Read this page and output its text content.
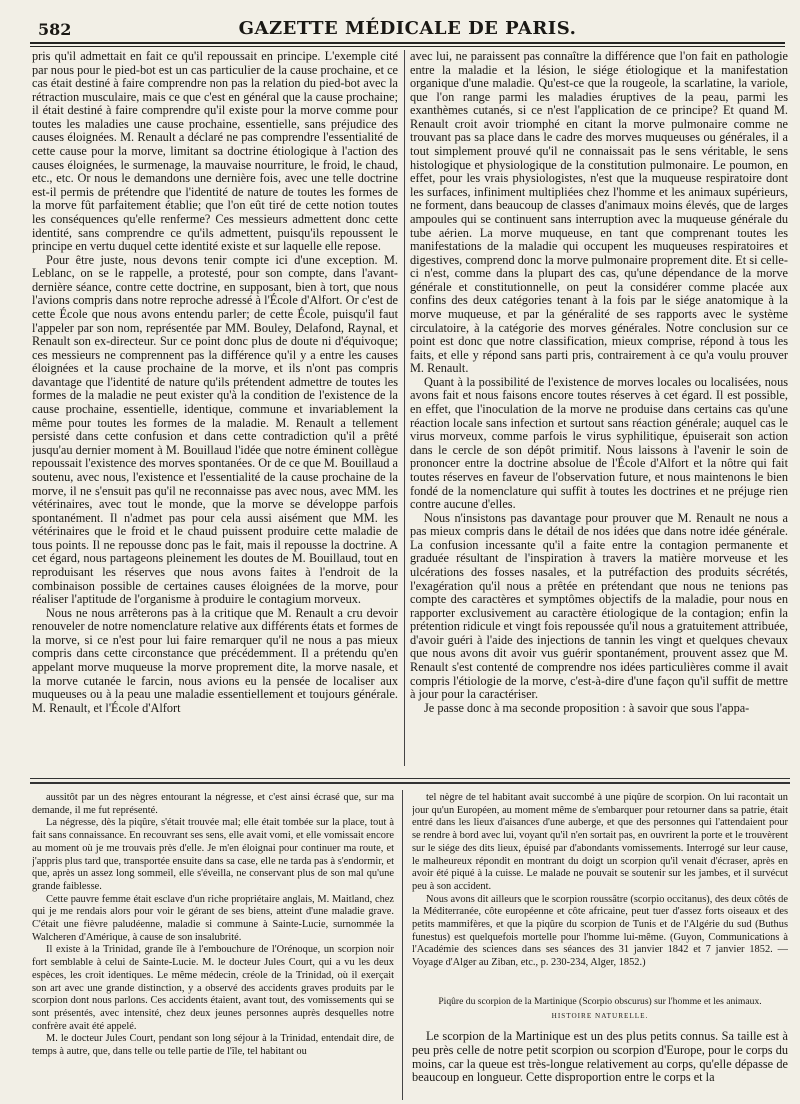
582	GAZETTE MÉDICALE DE PARIS.

pris qu'il admettait en fait ce qu'il repoussait en principe. L'exemple cité par nous pour le pied-bot est un cas particulier de la cause prochaine, et ce cas était destiné à faire comprendre non pas la relation du pied-bot avec la rétraction musculaire, mais ce que c'est en général que la cause prochaine; il était destiné à faire comprendre qu'il existe pour la morve comme pour toutes les maladies une cause prochaine, essentielle, sans préjudice des causes éloignées. M. Renault a déclaré ne pas comprendre l'essentialité de cette cause pour la morve, limitant sa doctrine étiologique à l'action des causes éloignées, le surmenage, la mauvaise nourriture, le froid, le chaud, etc., etc. Or nous le demandons une dernière fois, avec une telle doctrine est-il permis de prétendre que l'identité de nature de toutes les formes de la morve fût parfaitement établie; que l'on eût tiré de cette notion toutes les conséquences qu'elle renferme? Ces messieurs admettent donc cette identité, sans comprendre ce qu'ils admettent, puisqu'ils repoussent le principe en vertu duquel cette identité existe et sur laquelle elle repose.

Pour être juste, nous devons tenir compte ici d'une exception. M. Leblanc, on se le rappelle, a protesté, pour son compte, dans l'avant-dernière séance, contre cette doctrine, en supposant, bien à tort, que nous l'avions compris dans notre reproche adressé à l'École d'Alfort. Or c'est de cette École que nous avons entendu parler; de cette École, puisqu'il faut l'appeler par son nom, représentée par MM. Bouley, Delafond, Raynal, et Renault son ex-directeur. Sur ce point donc plus de doute ni d'équivoque; ces messieurs ne comprennent pas la différence qu'il y a entre les causes éloignées et la cause prochaine de la morve, et ils n'ont pas compris davantage que l'identité de nature qu'ils prétendent admettre de toutes les formes de la maladie ne peut exister qu'à la condition de l'existence de la cause prochaine, essentielle, identique, commune et invariablement la même pour toutes les formes de la maladie. M. Renault a tellement persisté dans cette confusion et dans cette contradiction qu'il a prêté jusqu'au dernier moment à M. Bouillaud l'idée que notre éminent collègue repoussait l'existence des morves spontanées. Or de ce que M. Bouillaud a soutenu, avec nous, l'existence et l'essentialité de la cause prochaine de la morve, il ne s'ensuit pas qu'il ne reconnaisse pas avec nous, avec MM. les vétérinaires, avec tout le monde, que la morve se développe parfois spontanément. Il n'admet pas pour cela aussi aisément que MM. les vétérinaires que le froid et le chaud puissent produire cette maladie de tous points. Il ne repousse donc pas le fait, mais il repousse la doctrine. A cet égard, nous partageons pleinement les doutes de M. Bouillaud, tout en reproduisant les réserves que nous avons faites à l'endroit de la combinaison possible de certaines causes éloignées de la morve, pour réaliser l'aptitude de l'organisme à produire le contagium morveux.

Nous ne nous arrêterons pas à la critique que M. Renault a cru devoir renouveler de notre nomenclature relative aux différents états et formes de la morve, si ce n'est pour lui faire remarquer qu'il ne nous a pas mieux compris dans cette circonstance que précédemment. Il a prétendu qu'en appelant morve muqueuse la morve proprement dite, la morve nasale, et la morve cutanée le farcin, nous avions eu la pensée de localiser aux muqueuses ou à la peau une maladie essentiellement et toujours générale. M. Renault, et l'École d'Alfort

avec lui, ne paraissent pas connaître la différence que l'on fait en pathologie entre la maladie et la lésion, le siége étiologique et la manifestation organique d'une maladie. Qu'est-ce que la rougeole, la scarlatine, la variole, que l'on range parmi les maladies éruptives de la peau, parmi les exanthèmes cutanés, si ce n'est l'application de ce principe? Et quand M. Renault croit avoir triomphé en citant la morve pulmonaire comme ne trouvant pas sa place dans le cadre des morves muqueuses ou générales, il a tout simplement prouvé qu'il ne connaissait pas le sens véritable, le sens histologique et physiologique de la constitution pulmonaire. Le poumon, en effet, pour les vrais physiologistes, n'est que la muqueuse respiratoire dont les surfaces, infiniment multipliées chez l'homme et les animaux supérieurs, ne forment, dans beaucoup de classes d'animaux moins élevés, que de larges ampoules qui se continuent sans interruption avec la muqueuse générale du tube aérien. La morve muqueuse, en tant que comprenant toutes les manifestations de la maladie qui occupent les muqueuses respiratoires et digestives, comprend donc la morve pulmonaire proprement dite. Et si celle-ci n'est, comme dans la plupart des cas, qu'une dépendance de la morve générale et constitutionnelle, on peut la considérer comme placée aux confins des deux catégories tenant à la fois par le siége anatomique à la morve muqueuse, et par la généralité de ses rapports avec le système circulatoire, à la catégorie des morves générales. Notre conclusion sur ce point est donc que notre classification, mieux comprise, répond à tous les faits, et elle y répond sans parti pris, contrairement à ce qu'a voulu prouver M. Renault.

Quant à la possibilité de l'existence de morves locales ou localisées, nous avons fait et nous faisons encore toutes réserves à cet égard. Il est possible, en effet, que l'inoculation de la morve ne produise dans certains cas qu'une réaction locale sans infection et surtout sans réaction générale; auquel cas le virus morveux, comme parfois le virus syphilitique, épuiserait son action dans le cercle de son dépôt primitif. Nous laissons à l'avenir le soin de prononcer entre la doctrine absolue de l'École d'Alfort et la nôtre qui fait toutes réserves en faveur de l'observation future, et nous maintenons le bien fondé de la nomenclature qui suffit à toutes les doctrines et ne préjuge rien contre aucune d'elles.

Nous n'insistons pas davantage pour prouver que M. Renault ne nous a pas mieux compris dans le détail de nos idées que dans notre idée générale. La confusion incessante qu'il a faite entre la contagion permanente et graduée résultant de l'inspiration à travers la matière morveuse et les ulcérations des fosses nasales, et la putréfaction des produits sécrétés, l'exagération qu'il nous a prêtée en prétendant que nous ne tenions pas compte des caractères et symptômes objectifs de la maladie, pour nous en rapporter exclusivement au caractère étiologique de la contagion; enfin la prétention ridicule et vingt fois repoussée qu'il nous a gratuitement attribuée, d'avoir guéri à l'aide des injections de tannin les vingt et quelques chevaux que nous avons dit avoir vus guérir spontanément, prouvent assez que M. Renault s'est contenté de comprendre nos idées particulières comme il avait compris l'étiologie de la morve, c'est-à-dire d'une façon qu'il suffit de mettre à jour pour la caractériser.

Je passe donc à ma seconde proposition : à savoir que sous l'appa-

aussitôt par un des nègres entourant la négresse, et c'est ainsi écrasé que, sur ma demande, il me fut représenté.

La négresse, dès la piqûre, s'était trouvée mal; elle était tombée sur la place, tout à fait sans connaissance. En recouvrant ses sens, elle avait vomi, et elle vomissait encore au moment où je me trouvais près d'elle. Je m'en éloignai pour continuer ma route, et j'appris plus tard que, transportée ensuite dans sa case, elle ne tarda pas à s'endormir, et que, après un assez long sommeil, elle s'éveilla, ne conservant plus de son mal qu'une grande faiblesse.

Cette pauvre femme était esclave d'un riche propriétaire anglais, M. Maitland, chez qui je me rendais alors pour voir le gérant de ses biens, atteint d'une maladie grave. C'était une fièvre paludéenne, maladie si commune à Sainte-Lucie, surnommée la Walcheren d'Amérique, à cause de son insalubrité.

Il existe à la Trinidad, grande île à l'embouchure de l'Orénoque, un scorpion noir fort semblable à celui de Sainte-Lucie. M. le docteur Jules Court, qui a vu les deux espèces, les croit identiques. Le même médecin, créole de la Trinidad, où il exerçait son art avec une grande distinction, y a observé des accidents graves produits par le scorpion dont nous parlons. Ces accidents étaient, avant tout, des vomissements qui se sont présentés, avec intensité, chez deux jeunes personnes auprès desquelles notre confrère avait été appelé.

M. le docteur Jules Court, pendant son long séjour à la Trinidad, entendait dire, de temps à autre, que, dans telle ou telle partie de l'île, tel habitant ou

tel nègre de tel habitant avait succombé à une piqûre de scorpion. On lui racontait un jour qu'un Européen, au moment même de s'embarquer pour retourner dans sa patrie, était entré dans les lieux d'aisances d'une auberge, et que des personnes qui l'attendaient pour se rendre à bord avec lui, voyant qu'il n'en sortait pas, en ouvrirent la porte et le trouvèrent sur le siége des dits lieux, épuisé par d'abondants vomissements. Interrogé sur leur cause, le malheureux répondit en montrant du doigt un scorpion qu'il venait d'écraser, après en avoir été piqué à la cuisse. Le malade ne pouvait se soutenir sur les jambes, et il survécut peu à son accident.

Nous avons dit ailleurs que le scorpion roussâtre (scorpio occitanus), des deux côtés de la Méditerranée, côte européenne et côte africaine, peut tuer d'assez forts oiseaux et des petits mammifères, et que la piqûre du scorpion de Tunis et de l'Algérie du sud (Buthus funestus) est quelquefois mortelle pour l'homme lui-même. (Guyon, Communications à l'Académie des sciences dans ses séances des 31 janvier 1842 et 7 janvier 1852. — Voyage d'Alger au Ziban, etc., p. 230-234, Alger, 1852.)

Piqûre du scorpion de la Martinique (Scorpio obscurus) sur l'homme et les animaux.
HISTOIRE NATURELLE.

Le scorpion de la Martinique est un des plus petits connus. Sa taille est à peu près celle de notre petit scorpion ou scorpion d'Europe, pour le corps du moins, car la queue est très-longue relativement au corps, qu'elle dépasse de beaucoup en longueur. Cette disproportion entre le corps et la
